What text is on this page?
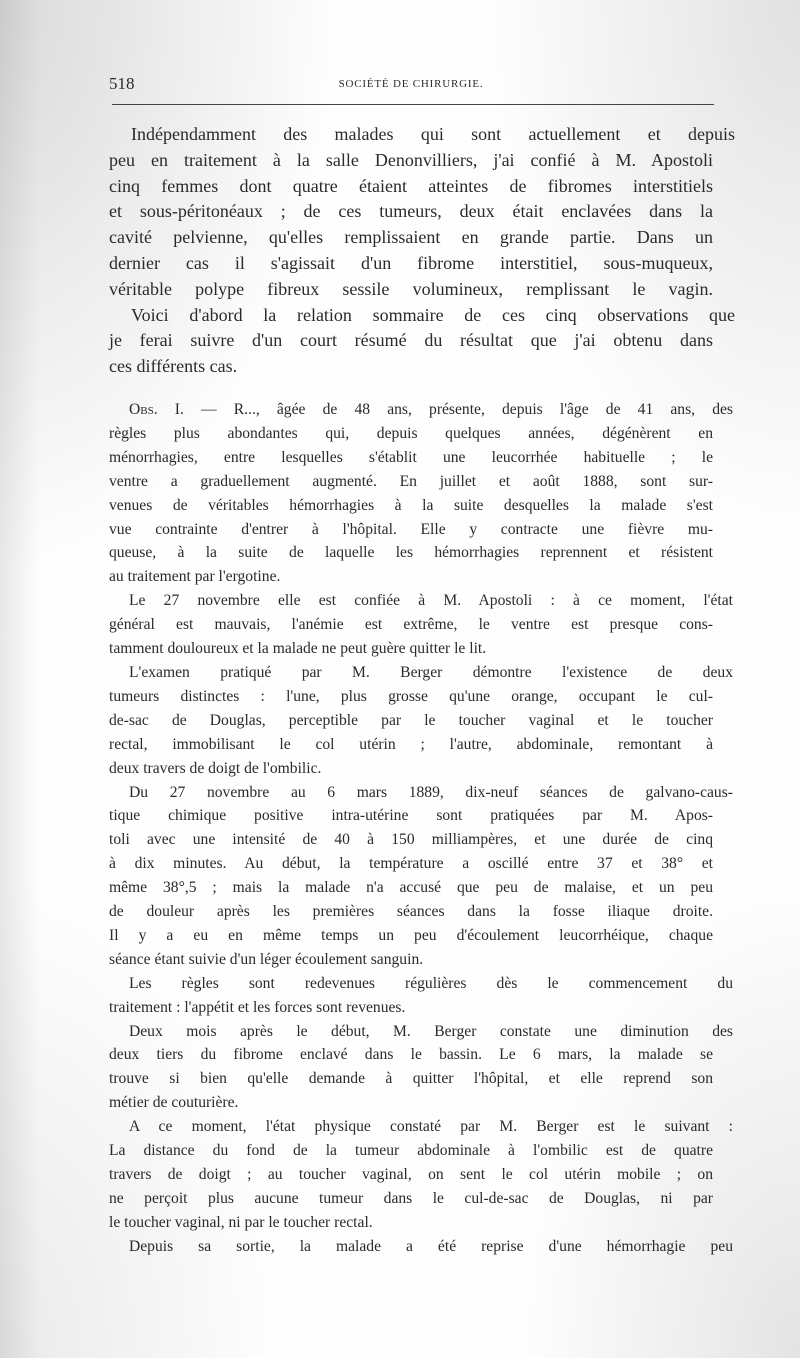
518	SOCIÉTÉ DE CHIRURGIE.

Indépendamment des malades qui sont actuellement et depuis
peu en traitement à la salle Denonvilliers, j'ai confié à M. Apostoli
cinq femmes dont quatre étaient atteintes de fibromes interstitiels
et sous-péritonéaux ; de ces tumeurs, deux était enclavées dans la
cavité pelvienne, qu'elles remplissaient en grande partie. Dans un
dernier cas il s'agissait d'un fibrome interstitiel, sous-muqueux,
véritable polype fibreux sessile volumineux, remplissant le vagin.

Voici d'abord la relation sommaire de ces cinq observations que
je ferai suivre d'un court résumé du résultat que j'ai obtenu dans
ces différents cas.

Obs. I. — R..., âgée de 48 ans, présente, depuis l'âge de 41 ans, des
règles plus abondantes qui, depuis quelques années, dégénèrent en
ménorrhagies, entre lesquelles s'établit une leucorrhée habituelle ; le
ventre a graduellement augmenté. En juillet et août 1888, sont sur-
venues de véritables hémorrhagies à la suite desquelles la malade s'est
vue contrainte d'entrer à l'hôpital. Elle y contracte une fièvre mu-
queuse, à la suite de laquelle les hémorrhagies reprennent et résistent
au traitement par l'ergotine.

Le 27 novembre elle est confiée à M. Apostoli : à ce moment, l'état
général est mauvais, l'anémie est extrême, le ventre est presque cons-
tamment douloureux et la malade ne peut guère quitter le lit.

L'examen pratiqué par M. Berger démontre l'existence de deux
tumeurs distinctes : l'une, plus grosse qu'une orange, occupant le cul-
de-sac de Douglas, perceptible par le toucher vaginal et le toucher
rectal, immobilisant le col utérin ; l'autre, abdominale, remontant à
deux travers de doigt de l'ombilic.

Du 27 novembre au 6 mars 1889, dix-neuf séances de galvano-caus-
tique chimique positive intra-utérine sont pratiquées par M. Apos-
toli avec une intensité de 40 à 150 milliampères, et une durée de cinq
à dix minutes. Au début, la température a oscillé entre 37 et 38° et
même 38°,5 ; mais la malade n'a accusé que peu de malaise, et un peu
de douleur après les premières séances dans la fosse iliaque droite.
Il y a eu en même temps un peu d'écoulement leucorrhéique, chaque
séance étant suivie d'un léger écoulement sanguin.

Les règles sont redevenues régulières dès le commencement du
traitement : l'appétit et les forces sont revenues.

Deux mois après le début, M. Berger constate une diminution des
deux tiers du fibrome enclavé dans le bassin. Le 6 mars, la malade se
trouve si bien qu'elle demande à quitter l'hôpital, et elle reprend son
métier de couturière.

A ce moment, l'état physique constaté par M. Berger est le suivant :
La distance du fond de la tumeur abdominale à l'ombilic est de quatre
travers de doigt ; au toucher vaginal, on sent le col utérin mobile ; on
ne perçoit plus aucune tumeur dans le cul-de-sac de Douglas, ni par
le toucher vaginal, ni par le toucher rectal.

Depuis sa sortie, la malade a été reprise d'une hémorrhagie peu
